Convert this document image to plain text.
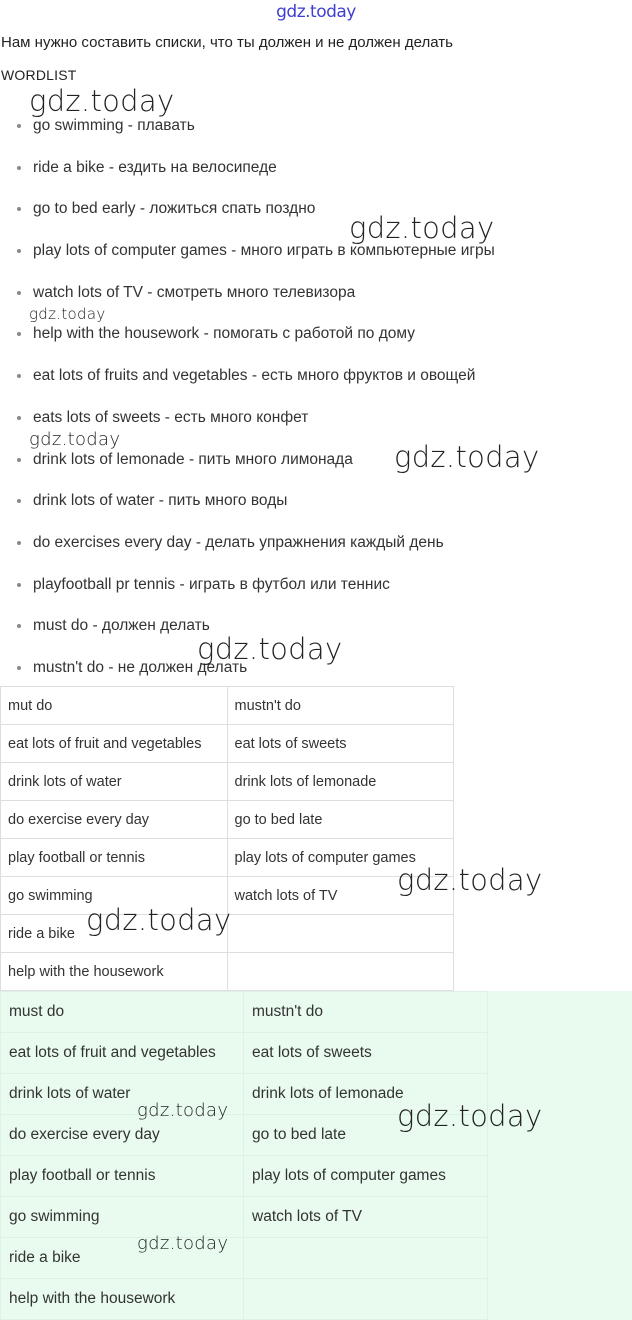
gdz.today
Нам нужно составить списки, что ты должен и не должен делать
WORDLIST
go swimming - плавать
ride a bike - ездить на велосипеде
go to bed early - ложиться спать поздно
play lots of computer games - много играть в компьютерные игры
watch lots of TV - смотреть много телевизора
help with the housework - помогать с работой по дому
eat lots of fruits and vegetables - есть много фруктов и овощей
eats lots of sweets - есть много конфет
drink lots of lemonade - пить много лимонада
drink lots of water - пить много воды
do exercises every day - делать упражнения каждый день
playfootball pr tennis - играть в футбол или теннис
must do - должен делать
mustn't do - не должен делать
mut do	mustn't do
eat lots of fruit and vegetables	eat lots of sweets
drink lots of water	drink lots of lemonade
do exercise every day	go to bed late
play football or tennis	play lots of computer games
go swimming	watch lots of TV
ride a bike	
help with the housework	
must do	mustn't do
eat lots of fruit and vegetables	eat lots of sweets
drink lots of water	drink lots of lemonade
do exercise every day	go to bed late
play football or tennis	play lots of computer games
go swimming	watch lots of TV
ride a bike	
help with the housework	
gdz.today
gdz.today
gdz.today
gdz.today
gdz.today
gdz.today
gdz.today
gdz.today
gdz.today	gdz.today
gdz.today
